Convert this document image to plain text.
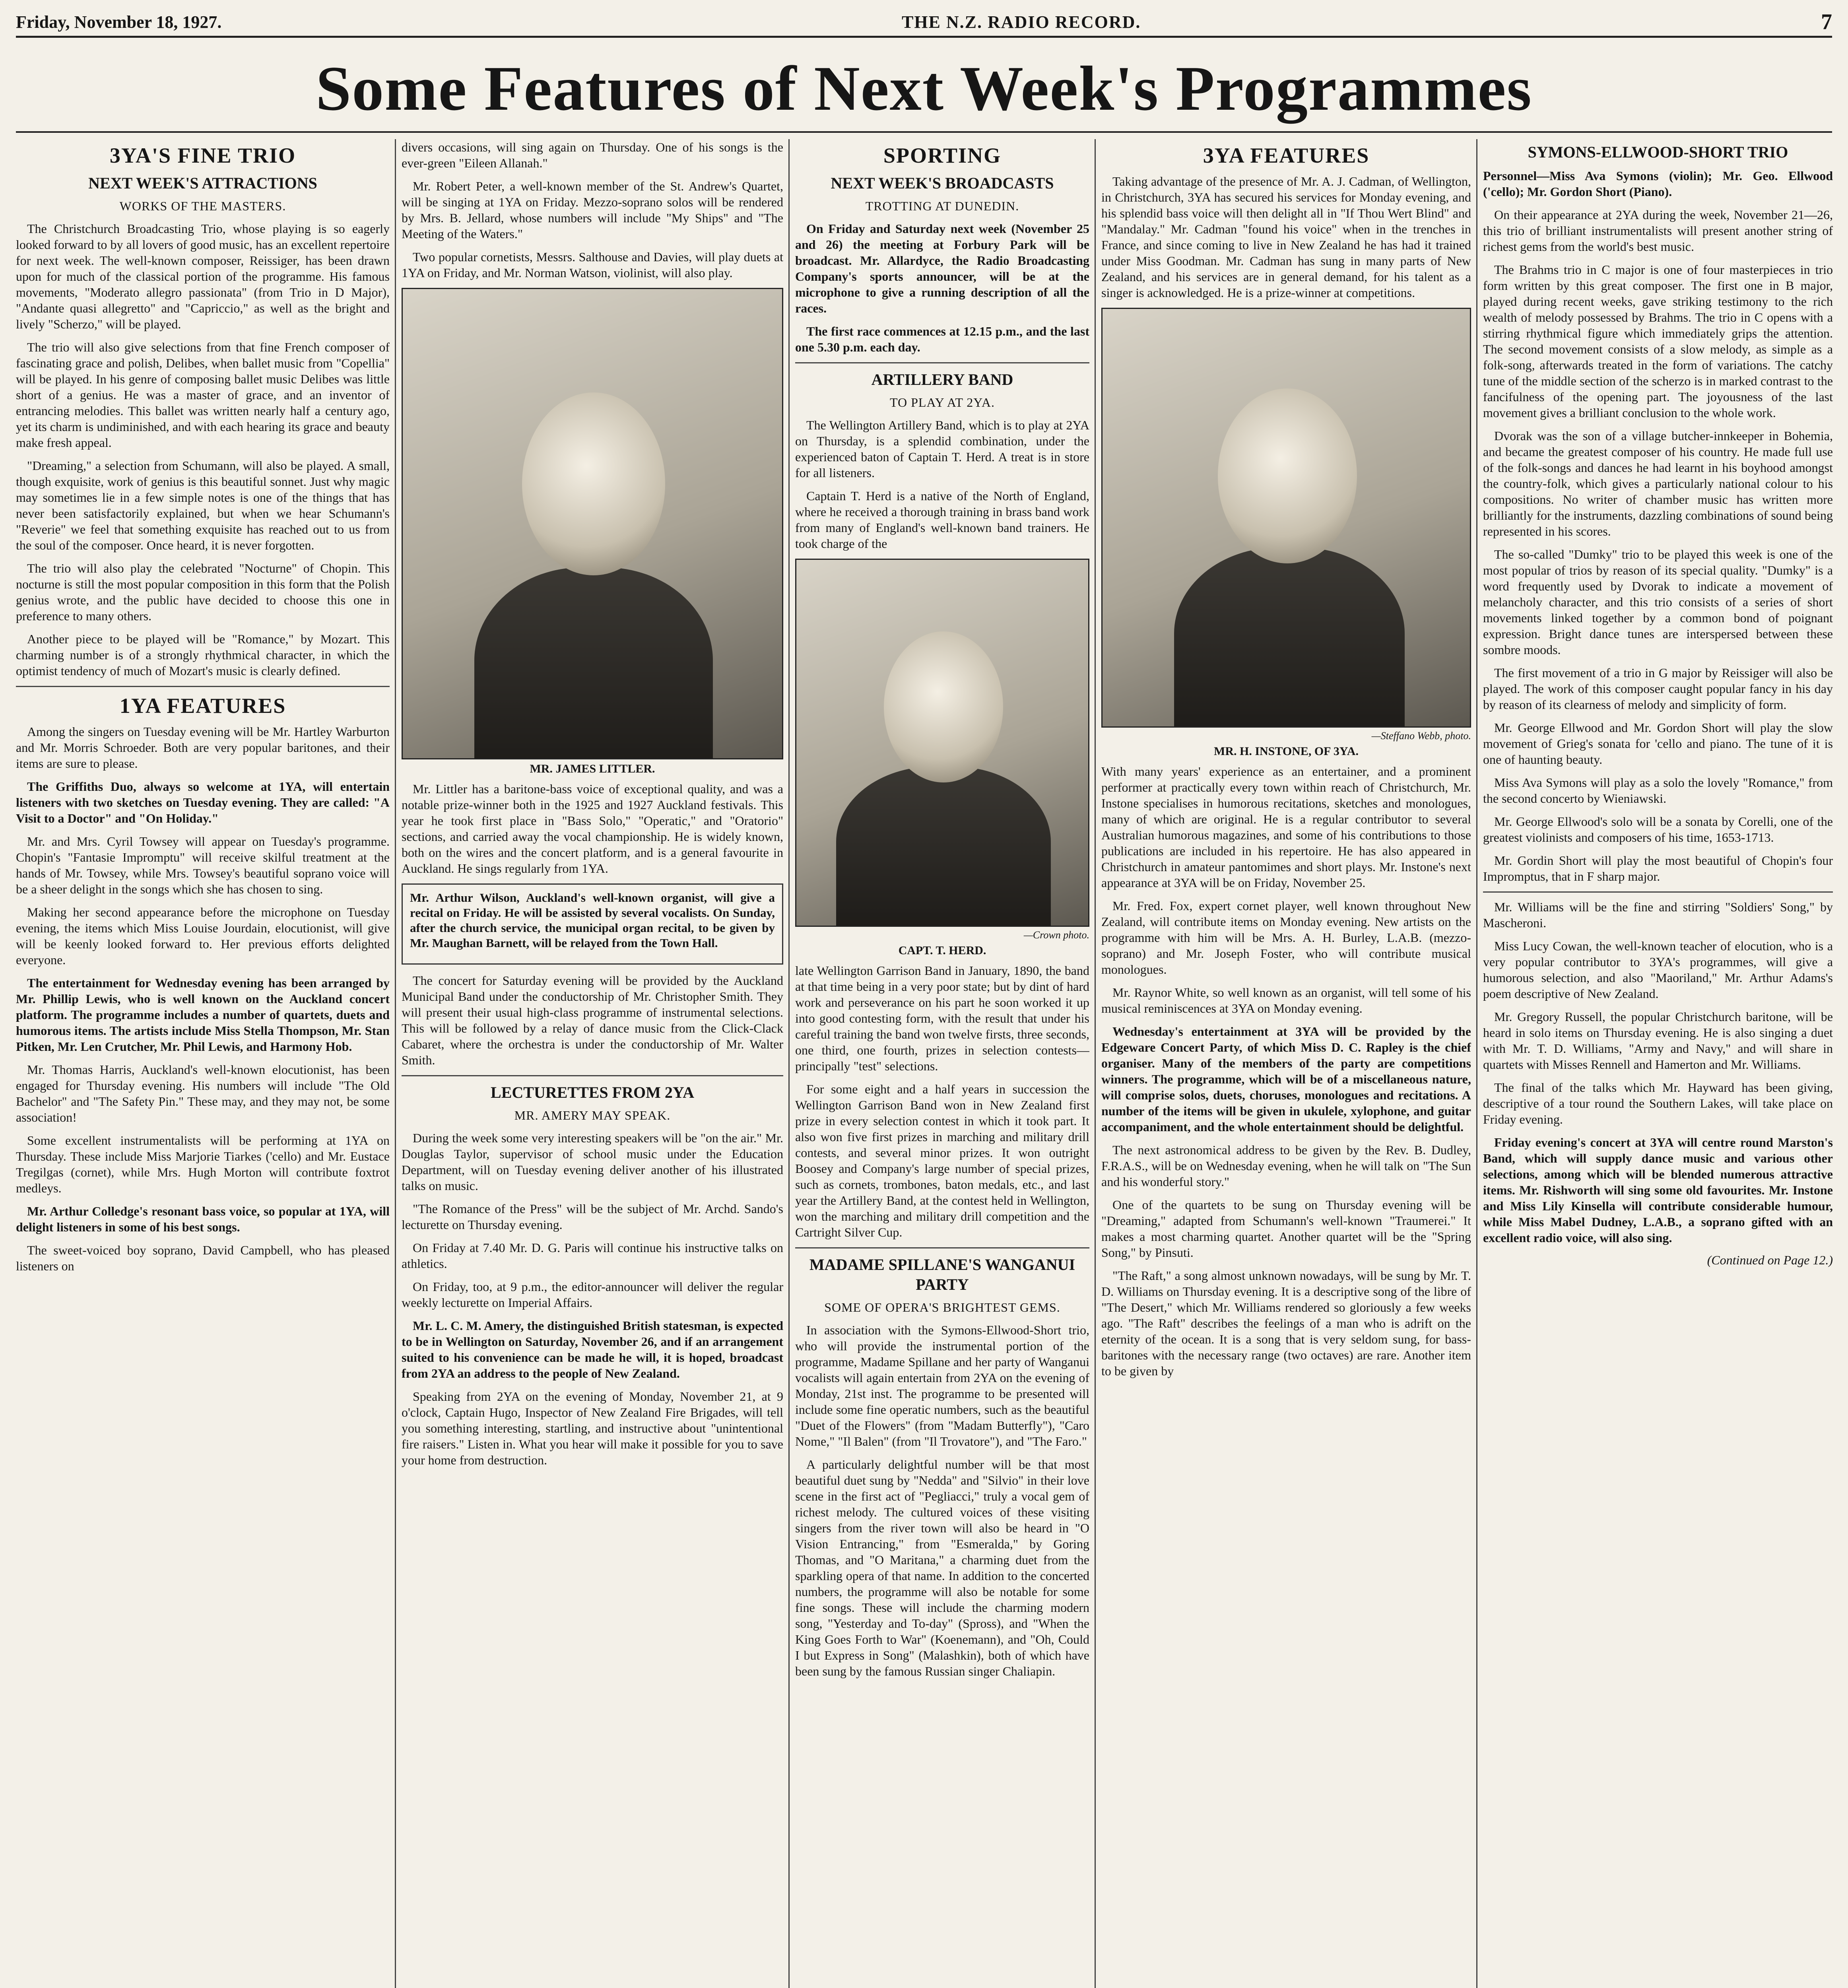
Friday, November 18, 1927.	THE N.Z. RADIO RECORD.	7
Some Features of Next Week's Programmes
3YA'S FINE TRIO
NEXT WEEK'S ATTRACTIONS
WORKS OF THE MASTERS.

The Christchurch Broadcasting Trio, whose playing is so eagerly looked forward to by all lovers of good music, has an excellent repertoire for next week. The well-known composer, Reissiger, has been drawn upon for much of the classical portion of the programme. His famous movements, "Moderato allegro passionata" (from Trio in D Major), "Andante quasi allegretto" and "Capriccio," as well as the bright and lively "Scherzo," will be played.

The trio will also give selections from that fine French composer of fascinating grace and polish, Delibes, when ballet music from "Copellia" will be played. In his genre of composing ballet music Delibes was little short of a genius. He was a master of grace, and an inventor of entrancing melodies. This ballet was written nearly half a century ago, yet its charm is undiminished, and with each hearing its grace and beauty make fresh appeal.

"Dreaming," a selection from Schumann, will also be played. A small, though exquisite, work of genius is this beautiful sonnet. Just why magic may sometimes lie in a few simple notes is one of the things that has never been satisfactorily explained, but when we hear Schumann's "Reverie" we feel that something exquisite has reached out to us from the soul of the composer. Once heard, it is never forgotten.

The trio will also play the celebrated "Nocturne" of Chopin. This nocturne is still the most popular composition in this form that the Polish genius wrote, and the public have decided to choose this one in preference to many others.

Another piece to be played will be "Romance," by Mozart. This charming number is of a strongly rhythmical character, in which the optimist tendency of much of Mozart's music is clearly defined.

1YA FEATURES

Among the singers on Tuesday evening will be Mr. Hartley Warburton and Mr. Morris Schroeder. Both are very popular baritones, and their items are sure to please.

The Griffiths Duo, always so welcome at 1YA, will entertain listeners with two sketches on Tuesday evening. They are called: "A Visit to a Doctor" and "On Holiday."

Mr. and Mrs. Cyril Towsey will appear on Tuesday's programme. Chopin's "Fantasie Impromptu" will receive skilful treatment at the hands of Mr. Towsey, while Mrs. Towsey's beautiful soprano voice will be a sheer delight in the songs which she has chosen to sing.

Making her second appearance before the microphone on Tuesday evening, the items which Miss Louise Jourdain, elocutionist, will give will be keenly looked forward to. Her previous efforts delighted everyone.

The entertainment for Wednesday evening has been arranged by Mr. Phillip Lewis, who is well known on the Auckland concert platform. The programme includes a number of quartets, duets and humorous items. The artists include Miss Stella Thompson, Mr. Stan Pitken, Mr. Len Crutcher, Mr. Phil Lewis, and Harmony Hob.

Mr. Thomas Harris, Auckland's well-known elocutionist, has been engaged for Thursday evening. His numbers will include "The Old Bachelor" and "The Safety Pin." These may, and they may not, be some association!

Some excellent instrumentalists will be performing at 1YA on Thursday. These include Miss Marjorie Tiarkes ('cello) and Mr. Eustace Tregilgas (cornet), while Mrs. Hugh Morton will contribute foxtrot medleys.

Mr. Arthur Colledge's resonant bass voice, so popular at 1YA, will delight listeners in some of his best songs.

The sweet-voiced boy soprano, David Campbell, who has pleased listeners on

divers occasions, will sing again on Thursday. One of his songs is the ever-green "Eileen Allanah."

Mr. Robert Peter, a well-known member of the St. Andrew's Quartet, will be singing at 1YA on Friday. Mezzo-soprano solos will be rendered by Mrs. B. Jellard, whose numbers will include "My Ships" and "The Meeting of the Waters."

Two popular cornetists, Messrs. Salthouse and Davies, will play duets at 1YA on Friday, and Mr. Norman Watson, violinist, will also play.

MR. JAMES LITTLER.

Mr. Littler has a baritone-bass voice of exceptional quality, and was a notable prize-winner both in the 1925 and 1927 Auckland festivals. This year he took first place in "Bass Solo," "Operatic," and "Oratorio" sections, and carried away the vocal championship. He is widely known, both on the wires and the concert platform, and is a general favourite in Auckland. He sings regularly from 1YA.

Mr. Arthur Wilson, Auckland's well-known organist, will give a recital on Friday. He will be assisted by several vocalists. On Sunday, after the church service, the municipal organ recital, to be given by Mr. Maughan Barnett, will be relayed from the Town Hall.

The concert for Saturday evening will be provided by the Auckland Municipal Band under the conductorship of Mr. Christopher Smith. They will present their usual high-class programme of instrumental selections. This will be followed by a relay of dance music from the Click-Clack Cabaret, where the orchestra is under the conductorship of Mr. Walter Smith.

LECTURETTES FROM 2YA
MR. AMERY MAY SPEAK.

During the week some very interesting speakers will be "on the air." Mr. Douglas Taylor, supervisor of school music under the Education Department, will on Tuesday evening deliver another of his illustrated talks on music.

"The Romance of the Press" will be the subject of Mr. Archd. Sando's lecturette on Thursday evening.

On Friday at 7.40 Mr. D. G. Paris will continue his instructive talks on athletics.

On Friday, too, at 9 p.m., the editor-announcer will deliver the regular weekly lecturette on Imperial Affairs.

Mr. L. C. M. Amery, the distinguished British statesman, is expected to be in Wellington on Saturday, November 26, and if an arrangement suited to his convenience can be made he will, it is hoped, broadcast from 2YA an address to the people of New Zealand.

Speaking from 2YA on the evening of Monday, November 21, at 9 o'clock, Captain Hugo, Inspector of New Zealand Fire Brigades, will tell you something interesting, startling, and instructive about "unintentional fire raisers." Listen in. What you hear will make it possible for you to save your home from destruction.

SPORTING
NEXT WEEK'S BROADCASTS
TROTTING AT DUNEDIN.

On Friday and Saturday next week (November 25 and 26) the meeting at Forbury Park will be broadcast. Mr. Allardyce, the Radio Broadcasting Company's sports announcer, will be at the microphone to give a running description of all the races.

The first race commences at 12.15 p.m., and the last one 5.30 p.m. each day.

ARTILLERY BAND
TO PLAY AT 2YA.

The Wellington Artillery Band, which is to play at 2YA on Thursday, is a splendid combination, under the experienced baton of Captain T. Herd. A treat is in store for all listeners.

Captain T. Herd is a native of the North of England, where he received a thorough training in brass band work from many of England's well-known band trainers. He took charge of the

—Crown photo.
CAPT. T. HERD.

late Wellington Garrison Band in January, 1890, the band at that time being in a very poor state; but by dint of hard work and perseverance on his part he soon worked it up into good contesting form, with the result that under his careful training the band won twelve firsts, three seconds, one third, one fourth, prizes in selection contests—principally "test" selections.

For some eight and a half years in succession the Wellington Garrison Band won in New Zealand first prize in every selection contest in which it took part. It also won five first prizes in marching and military drill contests, and several minor prizes. It won outright Boosey and Company's large number of special prizes, such as cornets, trombones, baton medals, etc., and last year the Artillery Band, at the contest held in Wellington, won the marching and military drill competition and the Cartright Silver Cup.

MADAME SPILLANE'S WANGANUI PARTY
SOME OF OPERA'S BRIGHTEST GEMS.

In association with the Symons-Ellwood-Short trio, who will provide the instrumental portion of the programme, Madame Spillane and her party of Wanganui vocalists will again entertain from 2YA on the evening of Monday, 21st inst. The programme to be presented will include some fine operatic numbers, such as the beautiful "Duet of the Flowers" (from "Madam Butterfly"), "Caro Nome," "Il Balen" (from "Il Trovatore"), and "The Faro."

A particularly delightful number will be that most beautiful duet sung by "Nedda" and "Silvio" in their love scene in the first act of "Pegliacci," truly a vocal gem of richest melody. The cultured voices of these visiting singers from the river town will also be heard in "O Vision Entrancing," from "Esmeralda," by Goring Thomas, and "O Maritana," a charming duet from the sparkling opera of that name. In addition to the concerted numbers, the programme will also be notable for some fine songs. These will include the charming modern song, "Yesterday and To-day" (Spross), and "When the King Goes Forth to War" (Koenemann), and "Oh, Could I but Express in Song" (Malashkin), both of which have been sung by the famous Russian singer Chaliapin.

3YA FEATURES

Taking advantage of the presence of Mr. A. J. Cadman, of Wellington, in Christchurch, 3YA has secured his services for Monday evening, and his splendid bass voice will then delight all in "If Thou Wert Blind" and "Mandalay." Mr. Cadman "found his voice" when in the trenches in France, and since coming to live in New Zealand he has had it trained under Miss Goodman. Mr. Cadman has sung in many parts of New Zealand, and his services are in general demand, for his talent as a singer is acknowledged. He is a prize-winner at competitions.

—Steffano Webb, photo.
MR. H. INSTONE, OF 3YA.

With many years' experience as an entertainer, and a prominent performer at practically every town within reach of Christchurch, Mr. Instone specialises in humorous recitations, sketches and monologues, many of which are original. He is a regular contributor to several Australian humorous magazines, and some of his contributions to those publications are included in his repertoire. He has also appeared in Christchurch in amateur pantomimes and short plays. Mr. Instone's next appearance at 3YA will be on Friday, November 25.

Mr. Fred. Fox, expert cornet player, well known throughout New Zealand, will contribute items on Monday evening. New artists on the programme with him will be Mrs. A. H. Burley, L.A.B. (mezzo-soprano) and Mr. Joseph Foster, who will contribute musical monologues.

Mr. Raynor White, so well known as an organist, will tell some of his musical reminiscences at 3YA on Monday evening.

Wednesday's entertainment at 3YA will be provided by the Edgeware Concert Party, of which Miss D. C. Rapley is the chief organiser. Many of the members of the party are competitions winners. The programme, which will be of a miscellaneous nature, will comprise solos, duets, choruses, monologues and recitations. A number of the items will be given in ukulele, xylophone, and guitar accompaniment, and the whole entertainment should be delightful.

The next astronomical address to be given by the Rev. B. Dudley, F.R.A.S., will be on Wednesday evening, when he will talk on "The Sun and his wonderful story."

One of the quartets to be sung on Thursday evening will be "Dreaming," adapted from Schumann's well-known "Traumerei." It makes a most charming quartet. Another quartet will be the "Spring Song," by Pinsuti.

"The Raft," a song almost unknown nowadays, will be sung by Mr. T. D. Williams on Thursday evening. It is a descriptive song of the libre of "The Desert," which Mr. Williams rendered so gloriously a few weeks ago. "The Raft" describes the feelings of a man who is adrift on the eternity of the ocean. It is a song that is very seldom sung, for bass-baritones with the necessary range (two octaves) are rare. Another item to be given by

SYMONS-ELLWOOD-SHORT TRIO

Personnel—Miss Ava Symons (violin); Mr. Geo. Ellwood ('cello); Mr. Gordon Short (Piano).

On their appearance at 2YA during the week, November 21—26, this trio of brilliant instrumentalists will present another string of richest gems from the world's best music.

The Brahms trio in C major is one of four masterpieces in trio form written by this great composer. The first one in B major, played during recent weeks, gave striking testimony to the rich wealth of melody possessed by Brahms. The trio in C opens with a stirring rhythmical figure which immediately grips the attention. The second movement consists of a slow melody, as simple as a folk-song, afterwards treated in the form of variations. The catchy tune of the middle section of the scherzo is in marked contrast to the fancifulness of the opening part. The joyousness of the last movement gives a brilliant conclusion to the whole work.

Dvorak was the son of a village butcher-innkeeper in Bohemia, and became the greatest composer of his country. He made full use of the folk-songs and dances he had learnt in his boyhood amongst the country-folk, which gives a particularly national colour to his compositions. No writer of chamber music has written more brilliantly for the instruments, dazzling combinations of sound being represented in his scores.

The so-called "Dumky" trio to be played this week is one of the most popular of trios by reason of its special quality. "Dumky" is a word frequently used by Dvorak to indicate a movement of melancholy character, and this trio consists of a series of short movements linked together by a common bond of poignant expression. Bright dance tunes are interspersed between these sombre moods.

The first movement of a trio in G major by Reissiger will also be played. The work of this composer caught popular fancy in his day by reason of its clearness of melody and simplicity of form.

Mr. George Ellwood and Mr. Gordon Short will play the slow movement of Grieg's sonata for 'cello and piano. The tune of it is one of haunting beauty.

Miss Ava Symons will play as a solo the lovely "Romance," from the second concerto by Wieniawski.

Mr. George Ellwood's solo will be a sonata by Corelli, one of the greatest violinists and composers of his time, 1653-1713.

Mr. Gordin Short will play the most beautiful of Chopin's four Impromptus, that in F sharp major.

Mr. Williams will be the fine and stirring "Soldiers' Song," by Mascheroni.

Miss Lucy Cowan, the well-known teacher of elocution, who is a very popular contributor to 3YA's programmes, will give a humorous selection, and also "Maoriland," Mr. Arthur Adams's poem descriptive of New Zealand.

Mr. Gregory Russell, the popular Christchurch baritone, will be heard in solo items on Thursday evening. He is also singing a duet with Mr. T. D. Williams, "Army and Navy," and will share in quartets with Misses Rennell and Hamerton and Mr. Williams.

The final of the talks which Mr. Hayward has been giving, descriptive of a tour round the Southern Lakes, will take place on Friday evening.

Friday evening's concert at 3YA will centre round Marston's Band, which will supply dance music and various other selections, among which will be blended numerous attractive items. Mr. Rishworth will sing some old favourites. Mr. Instone and Miss Lily Kinsella will contribute considerable humour, while Miss Mabel Dudney, L.A.B., a soprano gifted with an excellent radio voice, will also sing.

(Continued on Page 12.)
